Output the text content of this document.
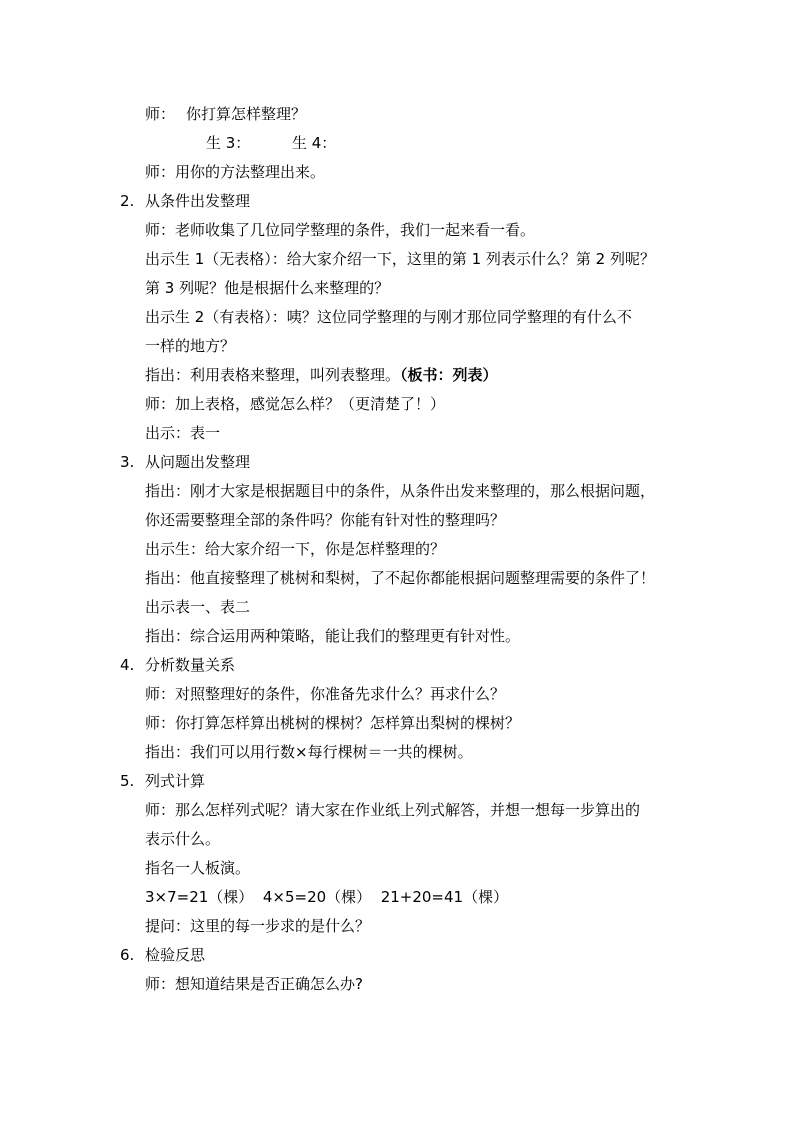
师： 你打算怎样整理？
生 3：	生 4：
师：用你的方法整理出来。
2. 从条件出发整理
师：老师收集了几位同学整理的条件，我们一起来看一看。
出示生 1（无表格）：给大家介绍一下，这里的第 1 列表示什么？第 2 列呢？
第 3 列呢？他是根据什么来整理的？
出示生 2（有表格）：咦？这位同学整理的与刚才那位同学整理的有什么不
一样的地方？
指出：利用表格来整理，叫列表整理。（板书：列表）
师：加上表格，感觉怎么样？（更清楚了！）
出示：表一
3. 从问题出发整理
指出：刚才大家是根据题目中的条件，从条件出发来整理的，那么根据问题，
你还需要整理全部的条件吗？你能有针对性的整理吗？
出示生：给大家介绍一下，你是怎样整理的？
指出：他直接整理了桃树和梨树，了不起你都能根据问题整理需要的条件了！
出示表一、表二
指出：综合运用两种策略，能让我们的整理更有针对性。
4. 分析数量关系
师：对照整理好的条件，你准备先求什么？再求什么？
师：你打算怎样算出桃树的棵树？怎样算出梨树的棵树？
指出：我们可以用行数×每行棵树＝一共的棵树。
5. 列式计算
师：那么怎样列式呢？请大家在作业纸上列式解答，并想一想每一步算出的
表示什么。
指名一人板演。
3×7=21（棵）  4×5=20（棵）  21+20=41（棵）
提问：这里的每一步求的是什么？
6. 检验反思
师：想知道结果是否正确怎么办?
